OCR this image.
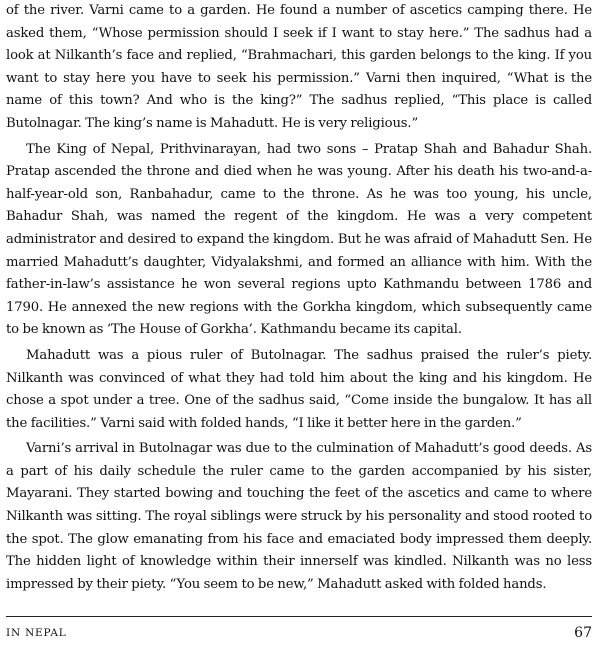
of the river. Varni came to a garden. He found a number of ascetics camping there. He asked them, “Whose permission should I seek if I want to stay here.” The sadhus had a look at Nilkanth’s face and replied, “Brahmachari, this garden belongs to the king. If you want to stay here you have to seek his permission.” Varni then inquired, “What is the name of this town? And who is the king?” The sadhus replied, “This place is called Butolnagar. The king’s name is Mahadutt. He is very religious.”

The King of Nepal, Prithvinarayan, had two sons – Pratap Shah and Bahadur Shah. Pratap ascended the throne and died when he was young. After his death his two-and-a-half-year-old son, Ranbahadur, came to the throne. As he was too young, his uncle, Bahadur Shah, was named the regent of the kingdom. He was a very competent administrator and desired to expand the kingdom. But he was afraid of Mahadutt Sen. He married Mahadutt’s daughter, Vidyalakshmi, and formed an alliance with him. With the father-in-law’s assistance he won several regions upto Kathmandu between 1786 and 1790. He annexed the new regions with the Gorkha kingdom, which subsequently came to be known as ‘The House of Gorkha’. Kathmandu became its capital.

Mahadutt was a pious ruler of Butolnagar. The sadhus praised the ruler’s piety. Nilkanth was convinced of what they had told him about the king and his kingdom. He chose a spot under a tree. One of the sadhus said, “Come inside the bungalow. It has all the facilities.” Varni said with folded hands, “I like it better here in the garden.”

Varni’s arrival in Butolnagar was due to the culmination of Mahadutt’s good deeds. As a part of his daily schedule the ruler came to the garden accompanied by his sister, Mayarani. They started bowing and touching the feet of the ascetics and came to where Nilkanth was sitting. The royal siblings were struck by his personality and stood rooted to the spot. The glow emanating from his face and emaciated body impressed them deeply. The hidden light of knowledge within their innerself was kindled. Nilkanth was no less impressed by their piety. “You seem to be new,” Mahadutt asked with folded hands.

IN NEPAL	67
